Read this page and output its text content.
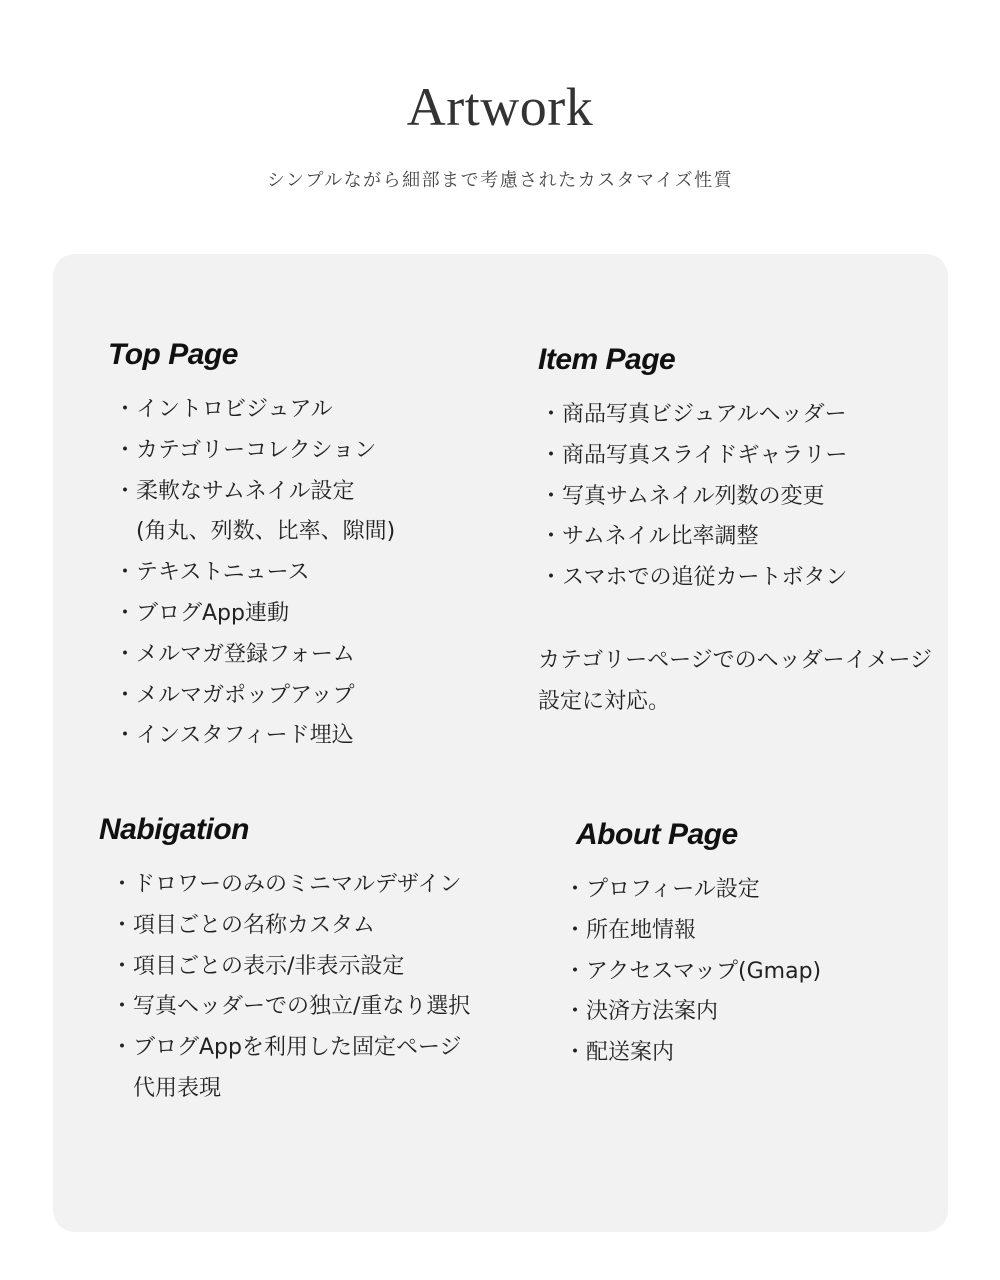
Artwork
シンプルながら細部まで考慮されたカスタマイズ性質
Top Page
・ イントロビジュアル
・ カテゴリーコレクション
・ 柔軟なサムネイル設定
(角丸、列数、比率、隙間)
・ テキストニュース
・ ブログApp連動
・ メルマガ登録フォーム
・ メルマガポップアップ
・ インスタフィード埋込
Item Page
・ 商品写真ビジュアルヘッダー
・ 商品写真スライドギャラリー
・ 写真サムネイル列数の変更
・ サムネイル比率調整
・ スマホでの追従カートボタン
カテゴリーページでのヘッダーイメージ設定に対応。
Nabigation
・ ドロワーのみのミニマルデザイン
・ 項目ごとの名称カスタム
・ 項目ごとの表示/非表示設定
・ 写真ヘッダーでの独立/重なり選択
・ ブログAppを利用した固定ページ
代用表現
About Page
・ プロフィール設定
・ 所在地情報
・ アクセスマップ(Gmap)
・ 決済方法案内
・ 配送案内
